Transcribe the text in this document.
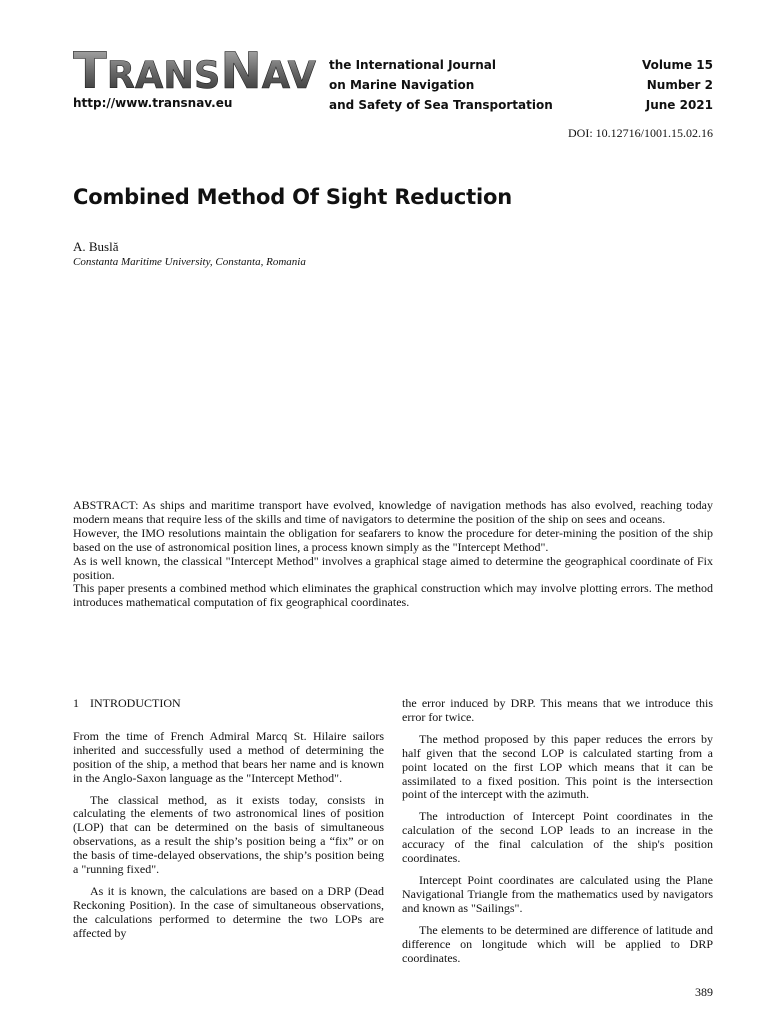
TRANSNAV
http://www.transnav.eu
the International Journal
on Marine Navigation
and Safety of Sea Transportation
Volume 15
Number 2
June 2021
DOI: 10.12716/1001.15.02.16
Combined Method Of Sight Reduction
A. Buslă
Constanta Maritime University, Constanta, Romania

ABSTRACT: As ships and maritime transport have evolved, knowledge of navigation methods has also evolved, reaching today modern means that require less of the skills and time of navigators to determine the position of the ship on sees and oceans.

However, the IMO resolutions maintain the obligation for seafarers to know the procedure for deter-mining the position of the ship based on the use of astronomical position lines, a process known simply as the "Intercept Method".

As is well known, the classical "Intercept Method" involves a graphical stage aimed to determine the geographical coordinate of Fix position.

This paper presents a combined method which eliminates the graphical construction which may involve plotting errors. The method introduces mathematical computation of fix geographical coordinates.

1 INTRODUCTION

From the time of French Admiral Marcq St. Hilaire sailors inherited and successfully used a method of determining the position of the ship, a method that bears her name and is known in the Anglo-Saxon language as the "Intercept Method".

The classical method, as it exists today, consists in calculating the elements of two astronomical lines of position (LOP) that can be determined on the basis of simultaneous observations, as a result the ship’s position being a “fix” or on the basis of time-delayed observations, the ship’s position being a "running fixed".

As it is known, the calculations are based on a DRP (Dead Reckoning Position). In the case of simultaneous observations, the calculations performed to determine the two LOPs are affected by

the error induced by DRP. This means that we introduce this error for twice.

The method proposed by this paper reduces the errors by half given that the second LOP is calculated starting from a point located on the first LOP which means that it can be assimilated to a fixed position. This point is the intersection point of the intercept with the azimuth.

The introduction of Intercept Point coordinates in the calculation of the second LOP leads to an increase in the accuracy of the final calculation of the ship's position coordinates.

Intercept Point coordinates are calculated using the Plane Navigational Triangle from the mathematics used by navigators and known as "Sailings".

The elements to be determined are difference of latitude and difference on longitude which will be applied to DRP coordinates.

389
